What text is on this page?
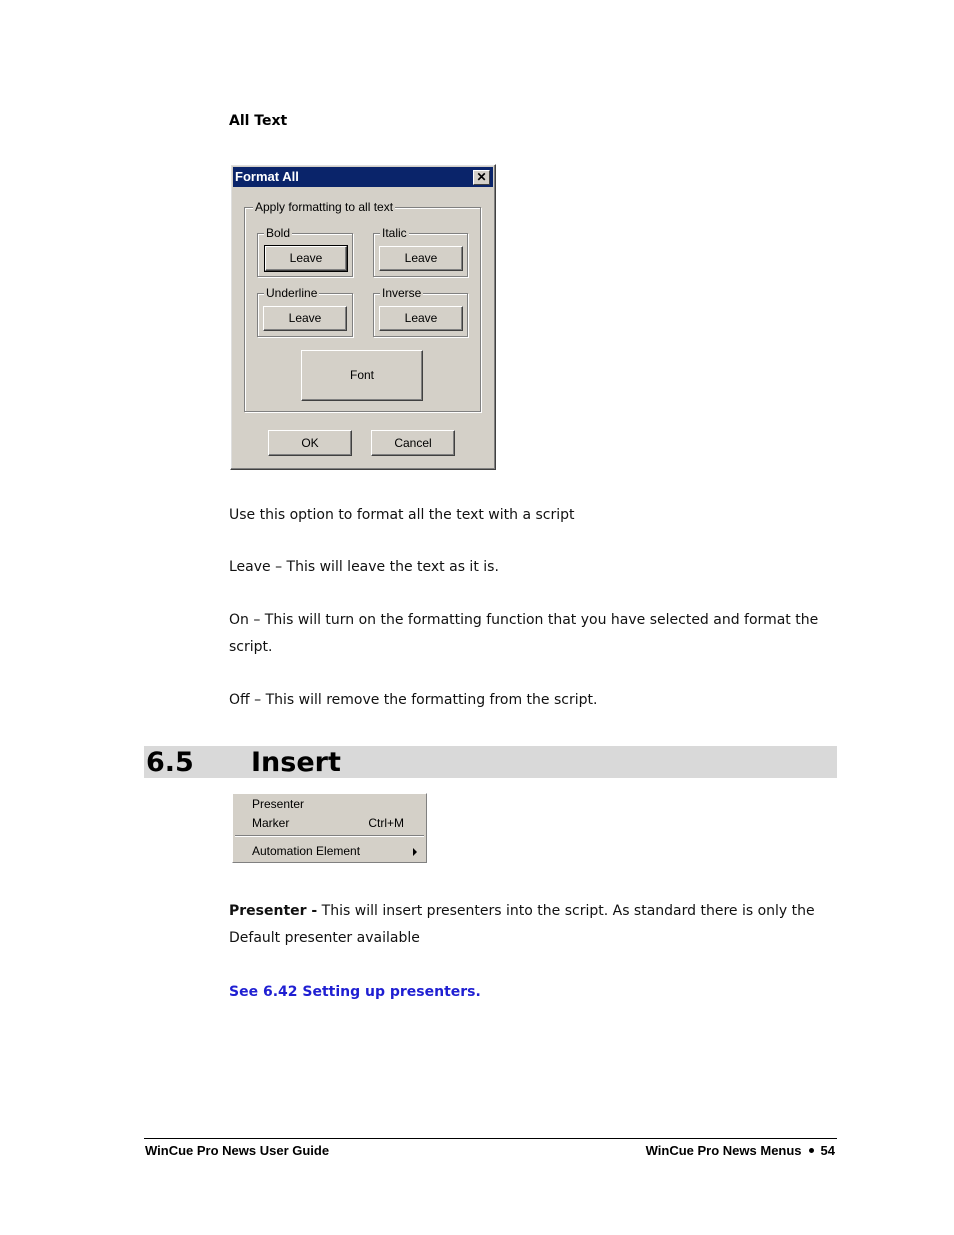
All Text
Format All	✕
Apply formatting to all text
Bold
Leave
Italic
Leave
Underline
Leave
Inverse
Leave
Font
OK	Cancel
Use this option to format all the text with a script
Leave – This will leave the text as it is.
On – This will turn on the formatting function that you have selected and format the script.
Off – This will remove the formatting from the script.
6.5 Insert
Presenter
Marker	Ctrl+M
Automation Element
Presenter - This will insert presenters into the script. As standard there is only the Default presenter available
See 6.42 Setting up presenters.
WinCue Pro News User Guide	WinCue Pro News Menus 54
